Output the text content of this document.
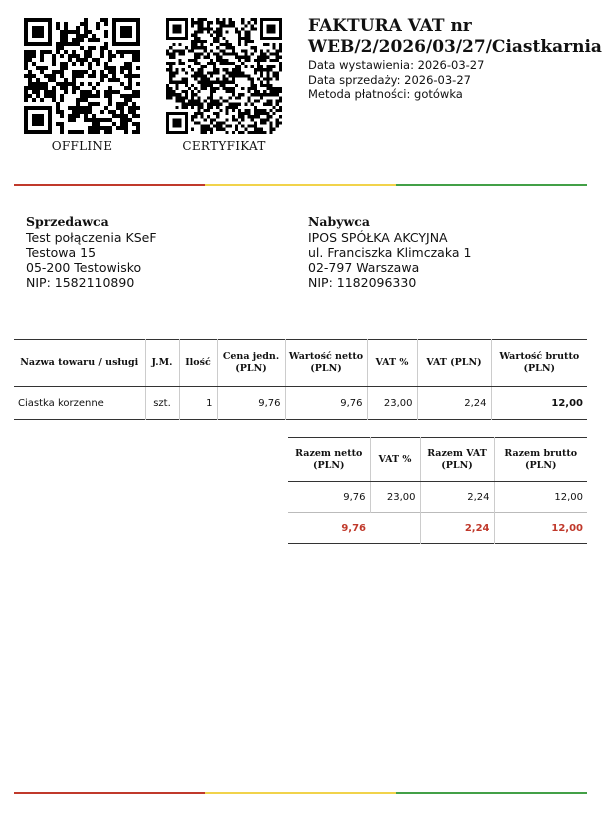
OFFLINE	CERTYFIKAT
FAKTURA VAT nr
WEB/2/2026/03/27/Ciastkarnia
Data wystawienia: 2026-03-27
Data sprzedaży: 2026-03-27
Metoda płatności: gotówka
Sprzedawca
Test połączenia KSeF
Testowa 15
05-200 Testowisko
NIP: 1582110890
Nabywca
IPOS SPÓŁKA AKCYJNA
ul. Franciszka Klimczaka 1
02-797 Warszawa
NIP: 1182096330
Nazwa towaru / usługi	J.M.	Ilość	Cena jedn. (PLN)	Wartość netto (PLN)	VAT %	VAT (PLN)	Wartość brutto (PLN)
Ciastka korzenne	szt.	1	9,76	9,76	23,00	2,24	12,00
Razem netto (PLN)	VAT %	Razem VAT (PLN)	Razem brutto (PLN)
9,76	23,00	2,24	12,00
9,76		2,24	12,00
